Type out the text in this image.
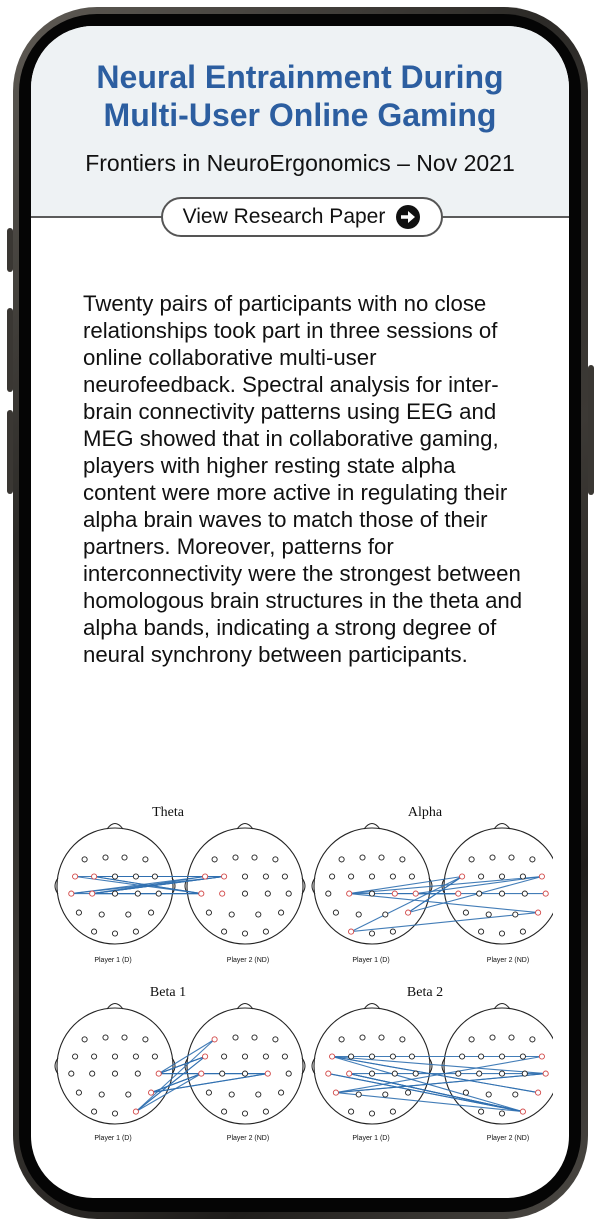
Neural Entrainment During
Multi-User Online Gaming
Frontiers in NeuroErgonomics – Nov 2021
View Research Paper
Twenty pairs of participants with no close relationships took part in three sessions of online collaborative multi-user neurofeedback. Spectral analysis for inter-brain connectivity patterns using EEG and MEG showed that in collaborative gaming, players with higher resting state alpha content were more active in regulating their alpha brain waves to match those of their partners. Moreover, patterns for interconnectivity were the strongest between homologous brain structures in the theta and alpha bands, indicating a strong degree of neural synchrony between participants.
Theta	Alpha
Beta 1	Beta 2
Player 1 (D)	Player 2 (ND)	Player 1 (D)	Player 2 (ND)
Player 1 (D)	Player 2 (ND)	Player 1 (D)	Player 2 (ND)
